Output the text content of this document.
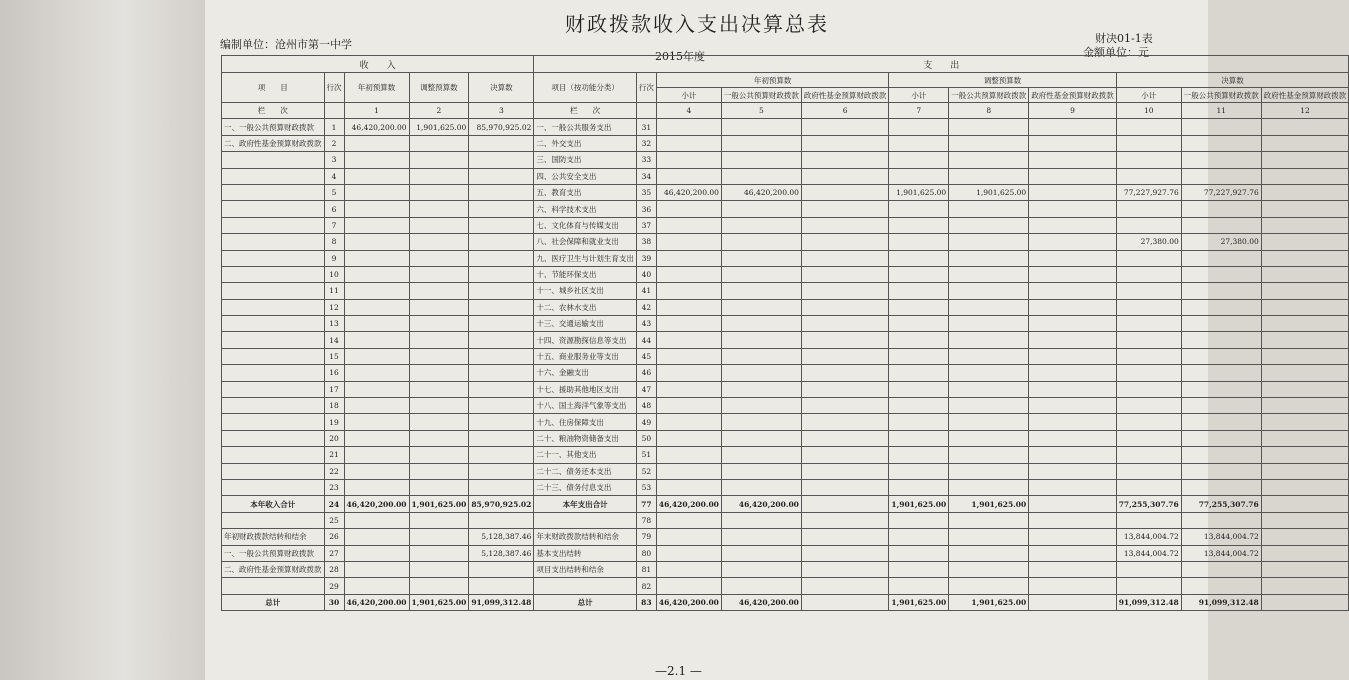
财政拨款收入支出决算总表
编制单位：沧州市第一中学
2015年度
财决01-1表
金额单位：元
收　　入					支　　出										
项　　目	行次	年初预算数	调整预算数	决算数	项目（按功能分类）	行次	年初预算数			调整预算数			决算数		
							小计	一般公共预算财政拨款	政府性基金预算财政拨款	小计	一般公共预算财政拨款	政府性基金预算财政拨款	小计	一般公共预算财政拨款	政府性基金预算财政拨款

栏　　次		1	2	3	栏　　次		4	5	6	7	8	9	10	11	12
一、一般公共预算财政拨款	1	46,420,200.00	1,901,625.00	85,970,925.02	一、一般公共服务支出	31									
二、政府性基金预算财政拨款	2				二、外交支出	32									
	3				三、国防支出	33									
	4				四、公共安全支出	34									
	5				五、教育支出	35	46,420,200.00	46,420,200.00		1,901,625.00	1,901,625.00		77,227,927.76	77,227,927.76	
	6				六、科学技术支出	36									
	7				七、文化体育与传媒支出	37									
	8				八、社会保障和就业支出	38							27,380.00	27,380.00	
	9				九、医疗卫生与计划生育支出	39									
	10				十、节能环保支出	40									
	11				十一、城乡社区支出	41									
	12				十二、农林水支出	42									
	13				十三、交通运输支出	43									
	14				十四、资源勘探信息等支出	44									
	15				十五、商业服务业等支出	45									
	16				十六、金融支出	46									
	17				十七、援助其他地区支出	47									
	18				十八、国土海洋气象等支出	48									
	19				十九、住房保障支出	49									
	20				二十、粮油物资储备支出	50									
	21				二十一、其他支出	51									
	22				二十二、债务还本支出	52									
	23				二十三、债务付息支出	53									
本年收入合计	24	46,420,200.00	1,901,625.00	85,970,925.02	本年支出合计	77	46,420,200.00	46,420,200.00		1,901,625.00	1,901,625.00		77,255,307.76	77,255,307.76	
	25					78									
年初财政拨款结转和结余	26			5,128,387.46	年末财政拨款结转和结余	79							13,844,004.72	13,844,004.72	
一、一般公共预算财政拨款	27			5,128,387.46	基本支出结转	80							13,844,004.72	13,844,004.72	
二、政府性基金预算财政拨款	28				项目支出结转和结余	81									
	29					82									
总计	30	46,420,200.00	1,901,625.00	91,099,312.48	总计	83	46,420,200.00	46,420,200.00		1,901,625.00	1,901,625.00		91,099,312.48	91,099,312.48	
—2.1 —
